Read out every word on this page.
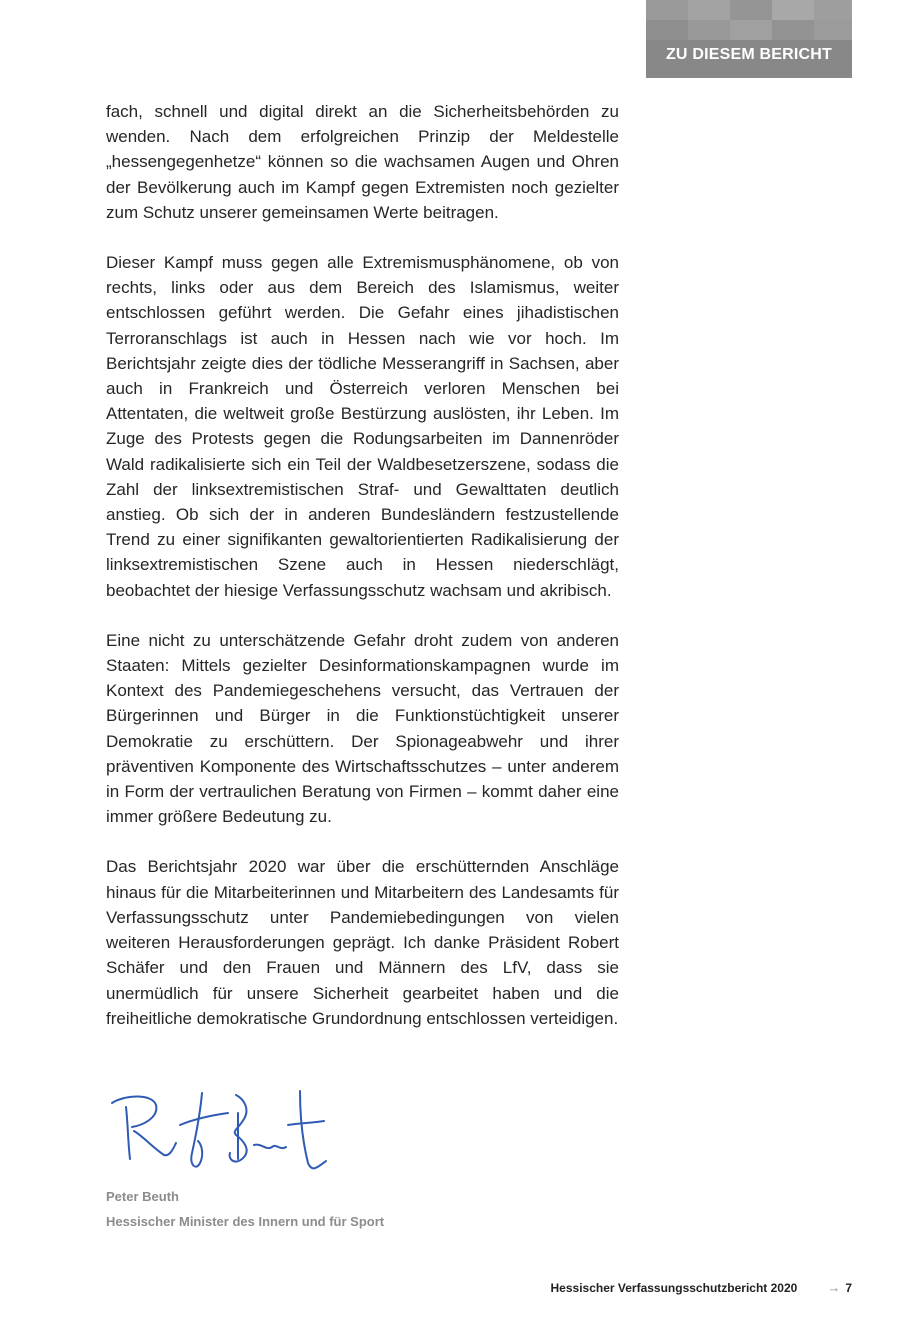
ZU DIESEM BERICHT

fach, schnell und digital direkt an die Sicherheitsbehörden zu wenden. Nach dem erfolgreichen Prinzip der Meldestelle „hessengegenhetze“ können so die wachsamen Augen und Ohren der Bevölkerung auch im Kampf gegen Extremisten noch gezielter zum Schutz unserer gemeinsamen Werte beitragen.

Dieser Kampf muss gegen alle Extremismusphänomene, ob von rechts, links oder aus dem Bereich des Islamismus, weiter entschlossen geführt werden. Die Gefahr eines jihadistischen Terroranschlags ist auch in Hessen nach wie vor hoch. Im Berichtsjahr zeigte dies der tödliche Messerangriff in Sachsen, aber auch in Frankreich und Österreich verloren Menschen bei Attentaten, die weltweit große Bestürzung auslösten, ihr Leben. Im Zuge des Protests gegen die Rodungsarbeiten im Dannenröder Wald radikalisierte sich ein Teil der Waldbesetzerszene, sodass die Zahl der linksextremistischen Straf- und Gewalttaten deutlich anstieg. Ob sich der in anderen Bundesländern festzustellende Trend zu einer signifikanten gewaltorientierten Radikalisierung der linksextremistischen Szene auch in Hessen niederschlägt, beobachtet der hiesige Verfassungsschutz wachsam und akribisch.

Eine nicht zu unterschätzende Gefahr droht zudem von anderen Staaten: Mittels gezielter Desinformationskampagnen wurde im Kontext des Pandemiegeschehens versucht, das Vertrauen der Bürgerinnen und Bürger in die Funktionstüchtigkeit unserer Demokratie zu erschüttern. Der Spionageabwehr und ihrer präventiven Komponente des Wirtschaftsschutzes – unter anderem in Form der vertraulichen Beratung von Firmen – kommt daher eine immer größere Bedeutung zu.

Das Berichtsjahr 2020 war über die erschütternden Anschläge hinaus für die Mitarbeiterinnen und Mitarbeitern des Landesamts für Verfassungsschutz unter Pandemiebedingungen von vielen weiteren Herausforderungen geprägt. Ich danke Präsident Robert Schäfer und den Frauen und Männern des LfV, dass sie unermüdlich für unsere Sicherheit gearbeitet haben und die freiheitliche demokratische Grundordnung entschlossen verteidigen.

Peter Beuth
Hessischer Minister des Innern und für Sport
Hessischer Verfassungsschutzbericht 2020 → 7
